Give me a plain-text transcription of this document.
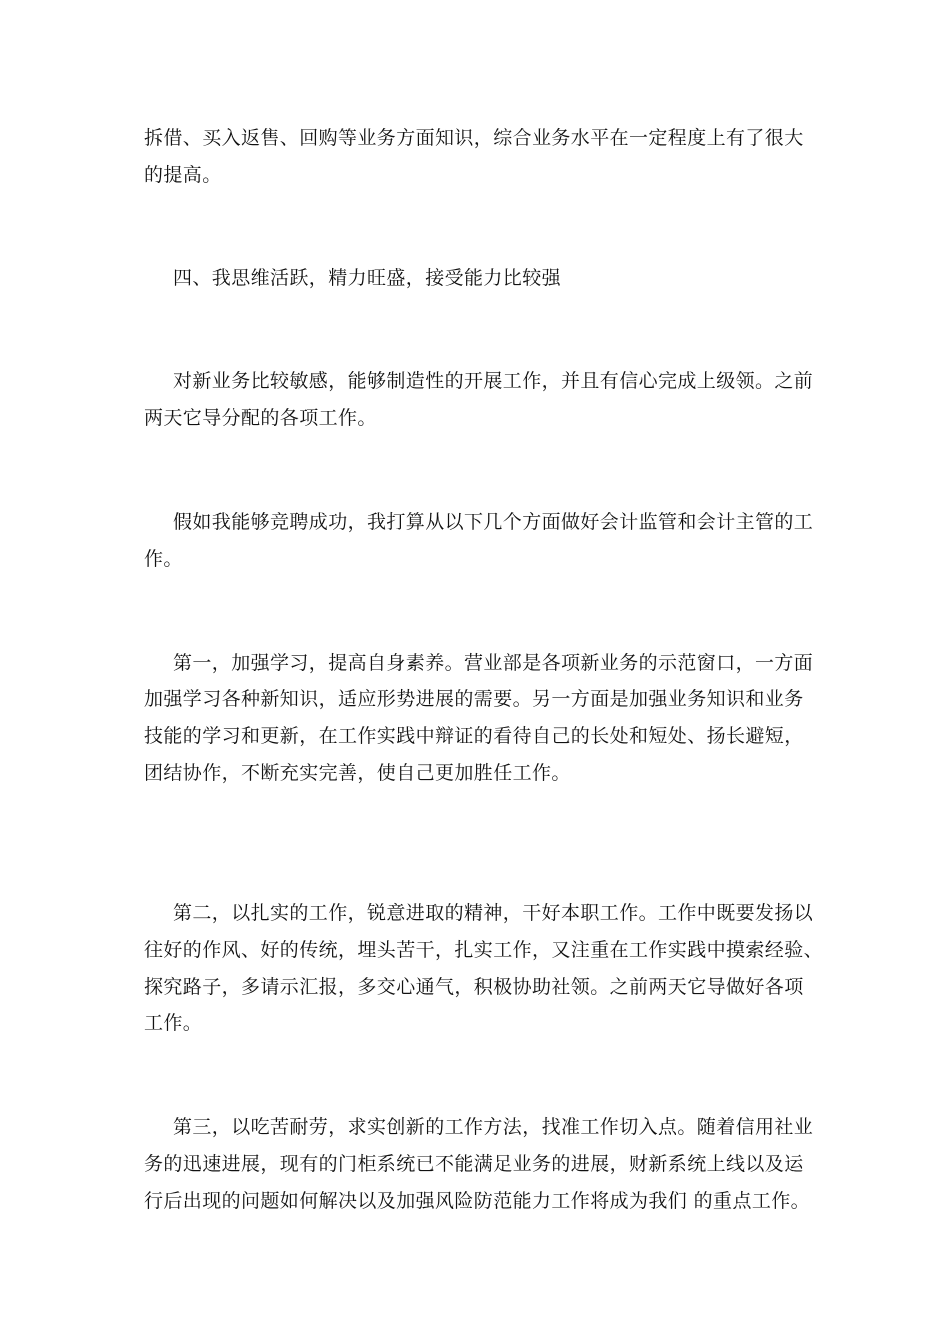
拆借、买入返售、回购等业务方面知识，综合业务水平在一定程度上有了很大
的提高。
四、我思维活跃，精力旺盛，接受能力比较强
对新业务比较敏感，能够制造性的开展工作，并且有信心完成上级领。之前
两天它导分配的各项工作。
假如我能够竞聘成功，我打算从以下几个方面做好会计监管和会计主管的工
作。
第一，加强学习，提高自身素养。营业部是各项新业务的示范窗口，一方面
加强学习各种新知识，适应形势进展的需要。另一方面是加强业务知识和业务
技能的学习和更新，在工作实践中辩证的看待自己的长处和短处、扬长避短，
团结协作，不断充实完善，使自己更加胜任工作。
第二，以扎实的工作，锐意进取的精神，干好本职工作。工作中既要发扬以
往好的作风、好的传统，埋头苦干，扎实工作，又注重在工作实践中摸索经验、
探究路子，多请示汇报，多交心通气，积极协助社领。之前两天它导做好各项
工作。
第三，以吃苦耐劳，求实创新的工作方法，找准工作切入点。随着信用社业
务的迅速进展，现有的门柜系统已不能满足业务的进展，财新系统上线以及运
行后出现的问题如何解决以及加强风险防范能力工作将成为我们 的重点工作。
